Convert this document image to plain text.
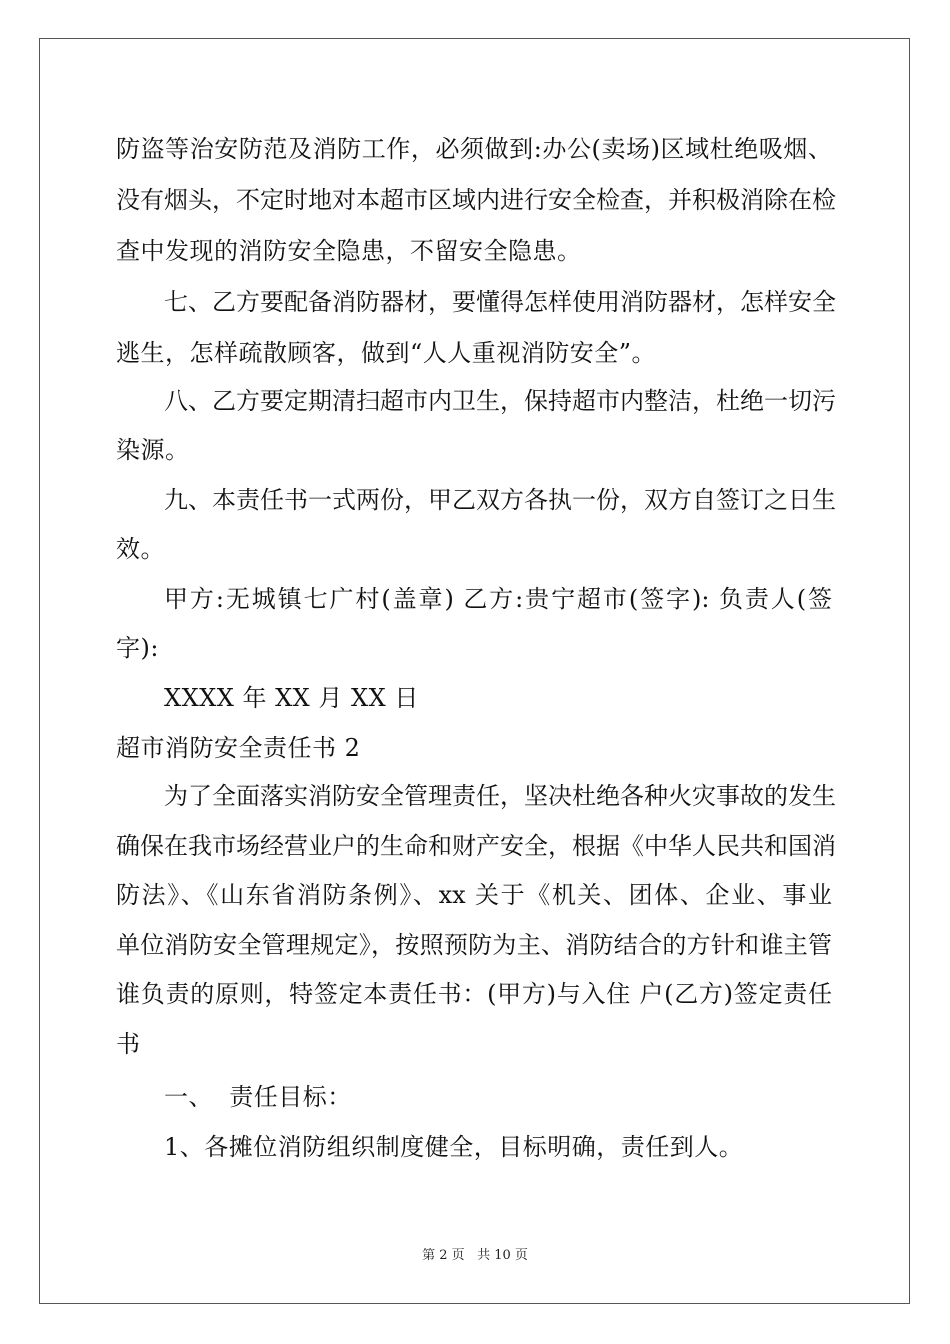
防盗等治安防范及消防工作，必须做到:办公(卖场)区域杜绝吸烟、
没有烟头，不定时地对本超市区域内进行安全检查，并积极消除在检
查中发现的消防安全隐患，不留安全隐患。
七、乙方要配备消防器材，要懂得怎样使用消防器材，怎样安全
逃生，怎样疏散顾客，做到“人人重视消防安全”。
八、乙方要定期清扫超市内卫生，保持超市内整洁，杜绝一切污
染源。
九、本责任书一式两份，甲乙双方各执一份，双方自签订之日生
效。
甲方:无城镇七广村(盖章) 乙方:贵宁超市(签字): 负责人(签
字):
XXXX 年 XX 月 XX 日
超市消防安全责任书 2
为了全面落实消防安全管理责任，坚决杜绝各种火灾事故的发生
确保在我市场经营业户的生命和财产安全，根据《中华人民共和国消
防法》、《山东省消防条例》、xx 关于《机关、团体、企业、事业
单位消防安全管理规定》，按照预防为主、消防结合的方针和谁主管
谁负责的原则，特签定本责任书：(甲方)与入住 户(乙方)签定责任
书
一、  责任目标：
1、各摊位消防组织制度健全，目标明确，责任到人。
第 2 页 共 10 页
